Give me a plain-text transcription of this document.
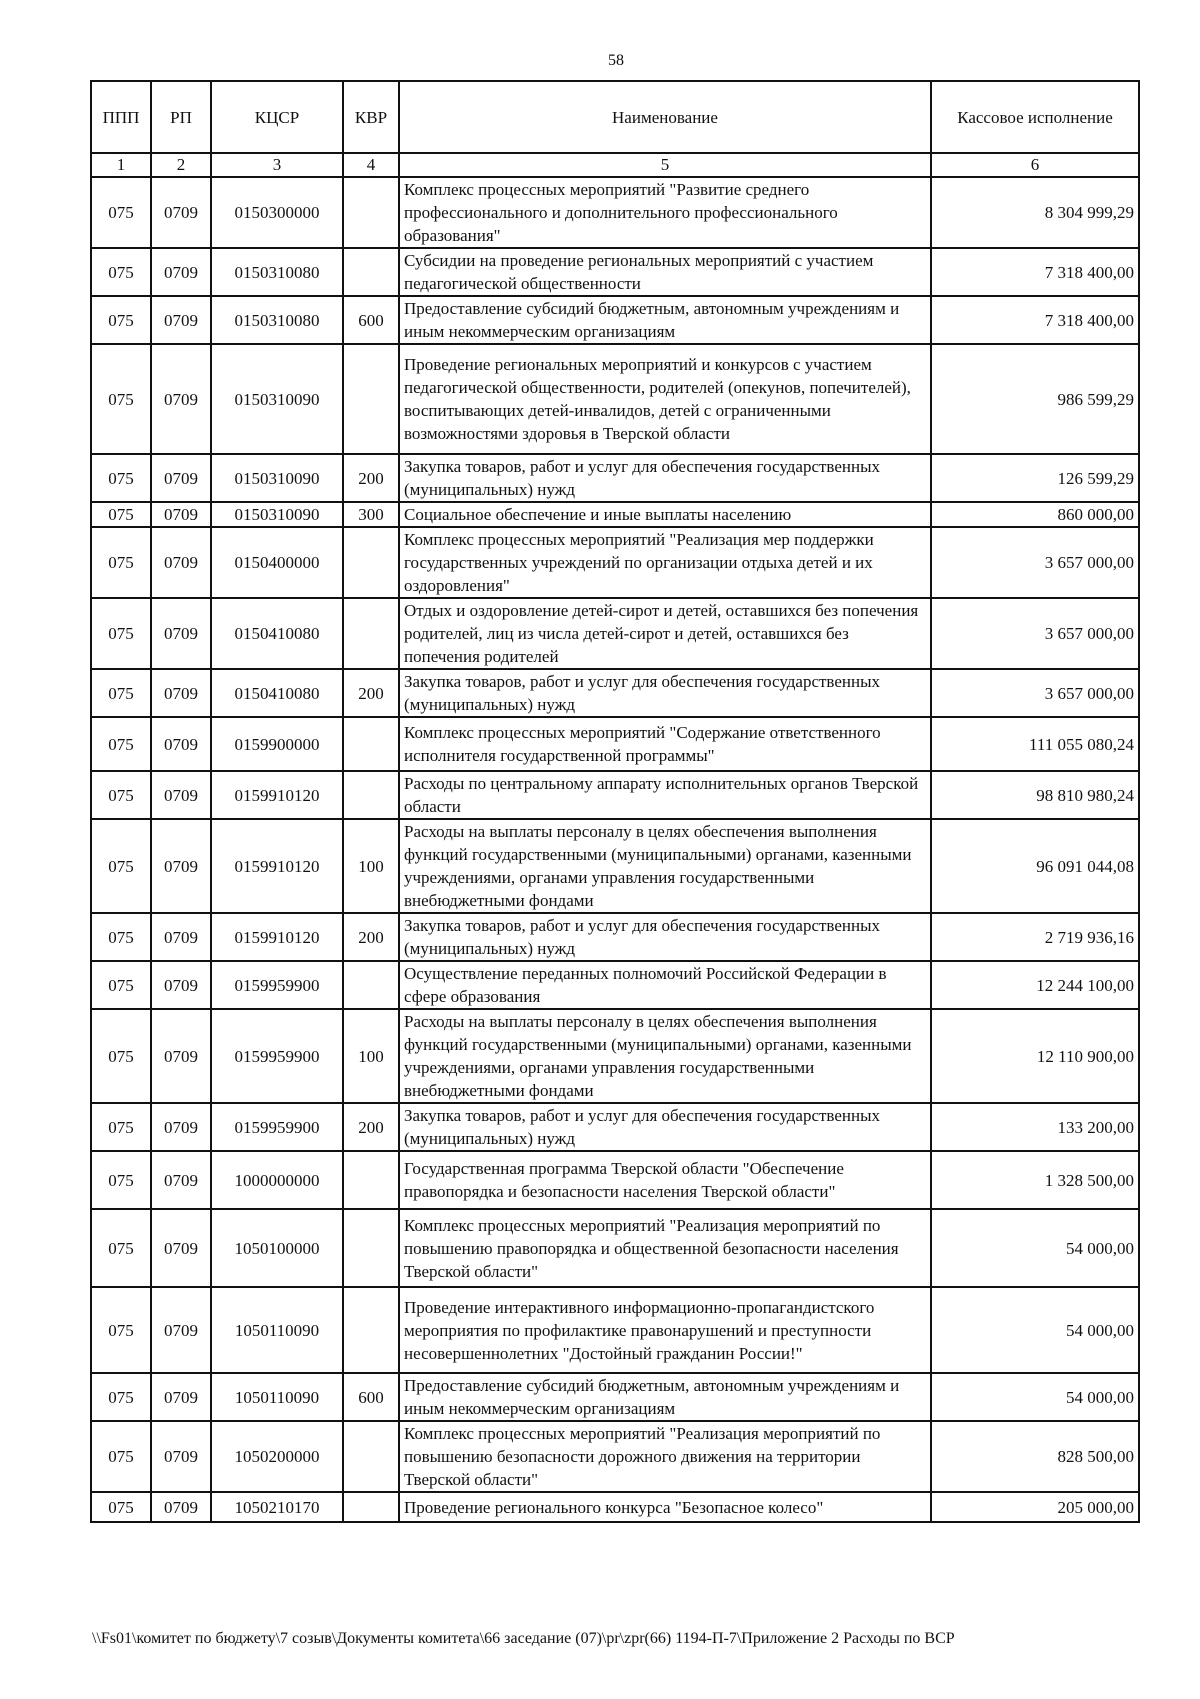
58
ППП	РП	КЦСР	КВР	Наименование	Кассовое исполнение
1	2	3	4	5	6
075	0709	0150300000		Комплекс процессных мероприятий "Развитие среднего профессионального и дополнительного профессионального образования"	8 304 999,29
075	0709	0150310080		Субсидии на проведение региональных мероприятий с участием педагогической общественности	7 318 400,00
075	0709	0150310080	600	Предоставление субсидий бюджетным, автономным учреждениям и иным некоммерческим организациям	7 318 400,00
075	0709	0150310090		Проведение региональных мероприятий и конкурсов с участием педагогической общественности, родителей (опекунов, попечителей), воспитывающих детей-инвалидов, детей с ограниченными возможностями здоровья в Тверской области	986 599,29
075	0709	0150310090	200	Закупка товаров, работ и услуг для обеспечения государственных (муниципальных) нужд	126 599,29
075	0709	0150310090	300	Социальное обеспечение и иные выплаты населению	860 000,00
075	0709	0150400000		Комплекс процессных мероприятий "Реализация мер поддержки государственных учреждений по организации отдыха детей и их оздоровления"	3 657 000,00
075	0709	0150410080		Отдых и оздоровление детей-сирот и детей, оставшихся без попечения родителей, лиц из числа детей-сирот и детей, оставшихся без попечения родителей	3 657 000,00
075	0709	0150410080	200	Закупка товаров, работ и услуг для обеспечения государственных (муниципальных) нужд	3 657 000,00
075	0709	0159900000		Комплекс процессных мероприятий "Содержание ответственного исполнителя государственной программы"	111 055 080,24
075	0709	0159910120		Расходы по центральному аппарату исполнительных органов Тверской области	98 810 980,24
075	0709	0159910120	100	Расходы на выплаты персоналу в целях обеспечения выполнения функций государственными (муниципальными) органами, казенными учреждениями, органами управления государственными внебюджетными фондами	96 091 044,08
075	0709	0159910120	200	Закупка товаров, работ и услуг для обеспечения государственных (муниципальных) нужд	2 719 936,16
075	0709	0159959900		Осуществление переданных полномочий Российской Федерации в сфере образования	12 244 100,00
075	0709	0159959900	100	Расходы на выплаты персоналу в целях обеспечения выполнения функций государственными (муниципальными) органами, казенными учреждениями, органами управления государственными внебюджетными фондами	12 110 900,00
075	0709	0159959900	200	Закупка товаров, работ и услуг для обеспечения государственных (муниципальных) нужд	133 200,00
075	0709	1000000000		Государственная программа Тверской области "Обеспечение правопорядка и безопасности населения Тверской области"	1 328 500,00
075	0709	1050100000		Комплекс процессных мероприятий "Реализация мероприятий по повышению правопорядка и общественной безопасности населения Тверской области"	54 000,00
075	0709	1050110090		Проведение интерактивного информационно-пропагандистского мероприятия по профилактике правонарушений и преступности несовершеннолетних "Достойный гражданин России!"	54 000,00
075	0709	1050110090	600	Предоставление субсидий бюджетным, автономным учреждениям и иным некоммерческим организациям	54 000,00
075	0709	1050200000		Комплекс процессных мероприятий "Реализация мероприятий по повышению безопасности дорожного движения на территории Тверской области"	828 500,00
075	0709	1050210170		Проведение регионального конкурса "Безопасное колесо"	205 000,00
\\Fs01\комитет по бюджету\7 созыв\Документы комитета\66 заседание (07)\pr\zpr(66) 1194-П-7\Приложение 2 Расходы по ВСР
